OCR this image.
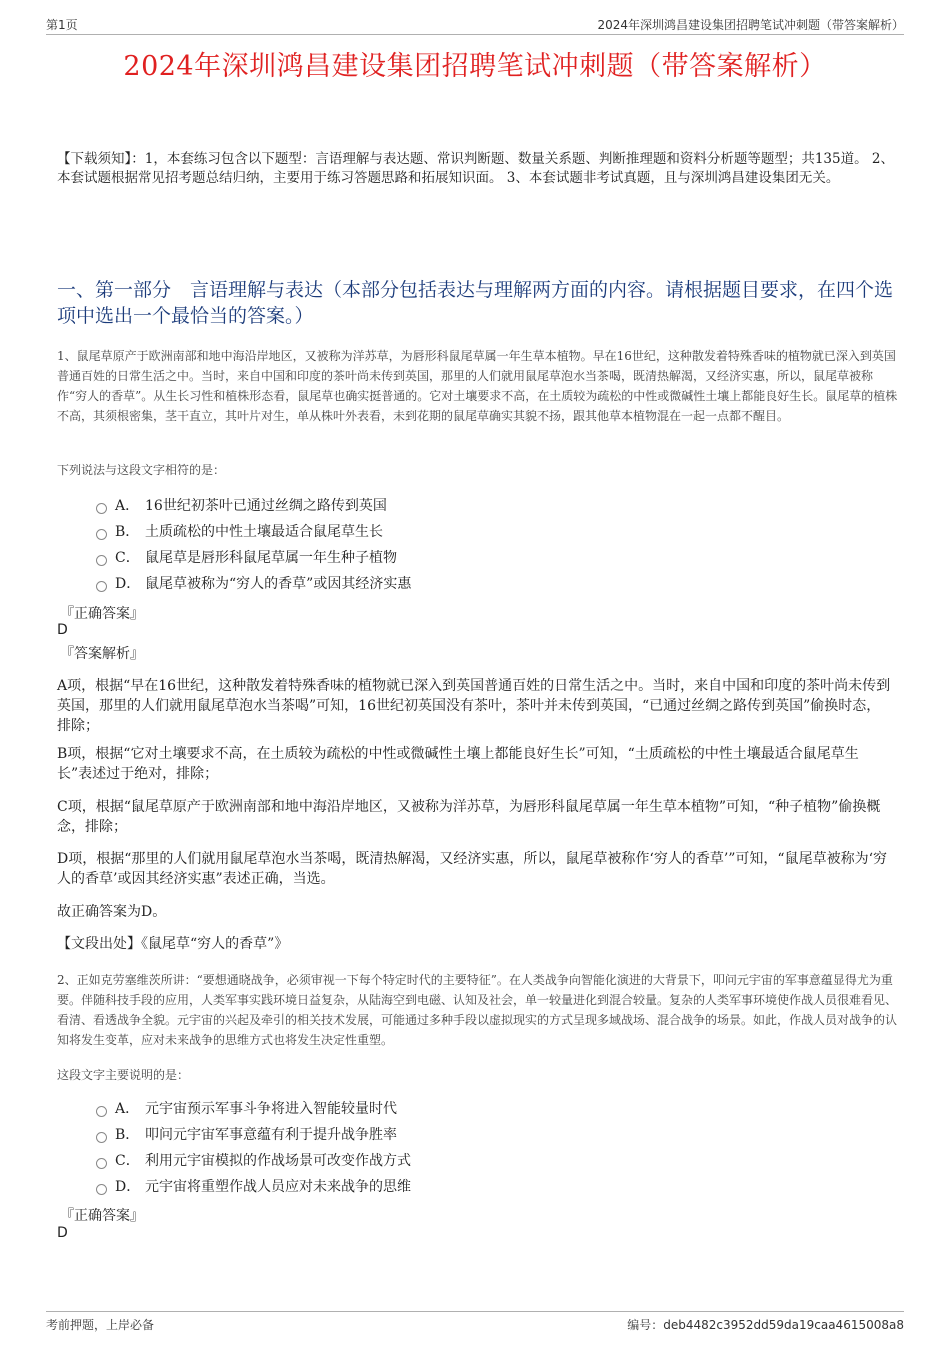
第1页	2024年深圳鸿昌建设集团招聘笔试冲刺题（带答案解析）
2024年深圳鸿昌建设集团招聘笔试冲刺题（带答案解析）
【下载须知】：1，本套练习包含以下题型：言语理解与表达题、常识判断题、数量关系题、判断推理题和资料分析题等题型；共135道。 2、本套试题根据常见招考题总结归纳，主要用于练习答题思路和拓展知识面。 3、本套试题非考试真题，且与深圳鸿昌建设集团无关。
一、第一部分　言语理解与表达（本部分包括表达与理解两方面的内容。请根据题目要求，在四个选项中选出一个最恰当的答案。）
1、鼠尾草原产于欧洲南部和地中海沿岸地区，又被称为洋苏草，为唇形科鼠尾草属一年生草本植物。早在16世纪，这种散发着特殊香味的植物就已深入到英国普通百姓的日常生活之中。当时，来自中国和印度的茶叶尚未传到英国，那里的人们就用鼠尾草泡水当茶喝，既清热解渴，又经济实惠，所以，鼠尾草被称作“穷人的香草”。从生长习性和植株形态看，鼠尾草也确实挺普通的。它对土壤要求不高，在土质较为疏松的中性或微碱性土壤上都能良好生长。鼠尾草的植株不高，其须根密集，茎干直立，其叶片对生，单从株叶外表看，未到花期的鼠尾草确实其貌不扬，跟其他草本植物混在一起一点都不醒目。
下列说法与这段文字相符的是：
A． 16世纪初茶叶已通过丝绸之路传到英国
B． 土质疏松的中性土壤最适合鼠尾草生长
C． 鼠尾草是唇形科鼠尾草属一年生种子植物
D． 鼠尾草被称为“穷人的香草”或因其经济实惠
『正确答案』
D
『答案解析』
A项，根据“早在16世纪，这种散发着特殊香味的植物就已深入到英国普通百姓的日常生活之中。当时，来自中国和印度的茶叶尚未传到英国，那里的人们就用鼠尾草泡水当茶喝”可知，16世纪初英国没有茶叶，茶叶并未传到英国，“已通过丝绸之路传到英国”偷换时态，排除；
B项，根据“它对土壤要求不高，在土质较为疏松的中性或微碱性土壤上都能良好生长”可知，“土质疏松的中性土壤最适合鼠尾草生长”表述过于绝对，排除；
C项，根据“鼠尾草原产于欧洲南部和地中海沿岸地区，又被称为洋苏草，为唇形科鼠尾草属一年生草本植物”可知，“种子植物”偷换概念，排除；
D项，根据“那里的人们就用鼠尾草泡水当茶喝，既清热解渴，又经济实惠，所以，鼠尾草被称作‘穷人的香草’”可知，“鼠尾草被称为‘穷人的香草’或因其经济实惠”表述正确，当选。
故正确答案为D。
【文段出处】《鼠尾草“穷人的香草”》
2、正如克劳塞维茨所讲：“要想通晓战争，必须审视一下每个特定时代的主要特征”。在人类战争向智能化演进的大背景下，叩问元宇宙的军事意蕴显得尤为重要。伴随科技手段的应用，人类军事实践环境日益复杂，从陆海空到电磁、认知及社会，单一较量进化到混合较量。复杂的人类军事环境使作战人员很难看见、看清、看透战争全貌。元宇宙的兴起及牵引的相关技术发展，可能通过多种手段以虚拟现实的方式呈现多域战场、混合战争的场景。如此，作战人员对战争的认知将发生变革，应对未来战争的思维方式也将发生决定性重塑。
这段文字主要说明的是：
A． 元宇宙预示军事斗争将进入智能较量时代
B． 叩问元宇宙军事意蕴有利于提升战争胜率
C． 利用元宇宙模拟的作战场景可改变作战方式
D． 元宇宙将重塑作战人员应对未来战争的思维
『正确答案』
D
考前押题，上岸必备	编号：deb4482c3952dd59da19caa4615008a8
